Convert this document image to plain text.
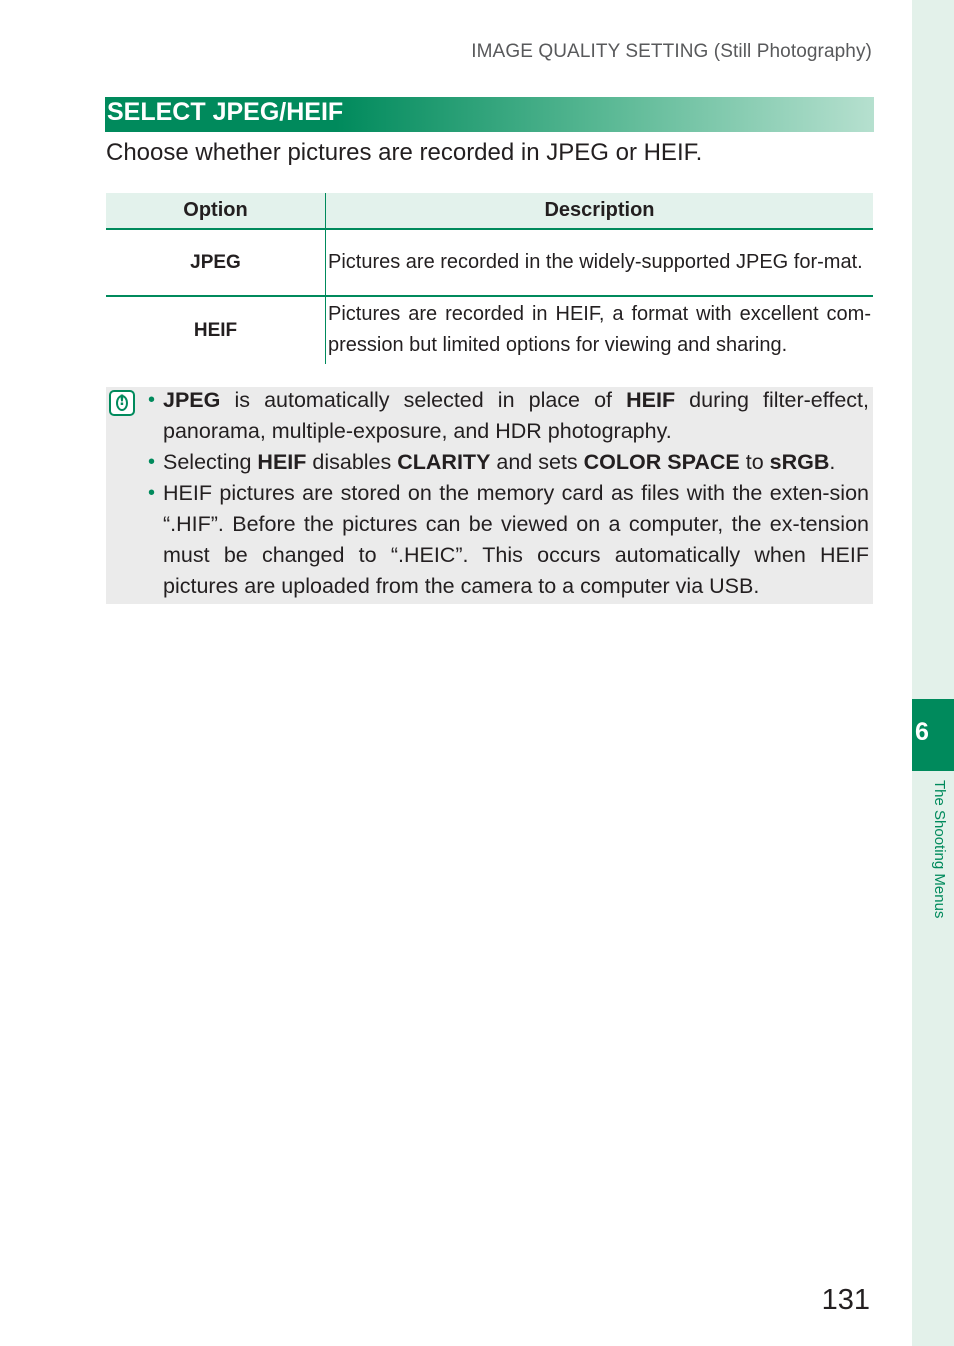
IMAGE QUALITY SETTING (Still Photography)
SELECT JPEG/HEIF
Choose whether pictures are recorded in JPEG or HEIF.
Option	Description
JPEG	Pictures are recorded in the widely-supported JPEG for-mat.
HEIF	Pictures are recorded in HEIF, a format with excellent com-pression but limited options for viewing and sharing.
!
• JPEG is automatically selected in place of HEIF during filter-effect, panorama, multiple-exposure, and HDR photography.
• Selecting HEIF disables CLARITY and sets COLOR SPACE to sRGB.
• HEIF pictures are stored on the memory card as files with the exten-sion “.HIF”. Before the pictures can be viewed on a computer, the ex-tension must be changed to “.HEIC”. This occurs automatically when HEIF pictures are uploaded from the camera to a computer via USB.
6
The Shooting Menus
131
